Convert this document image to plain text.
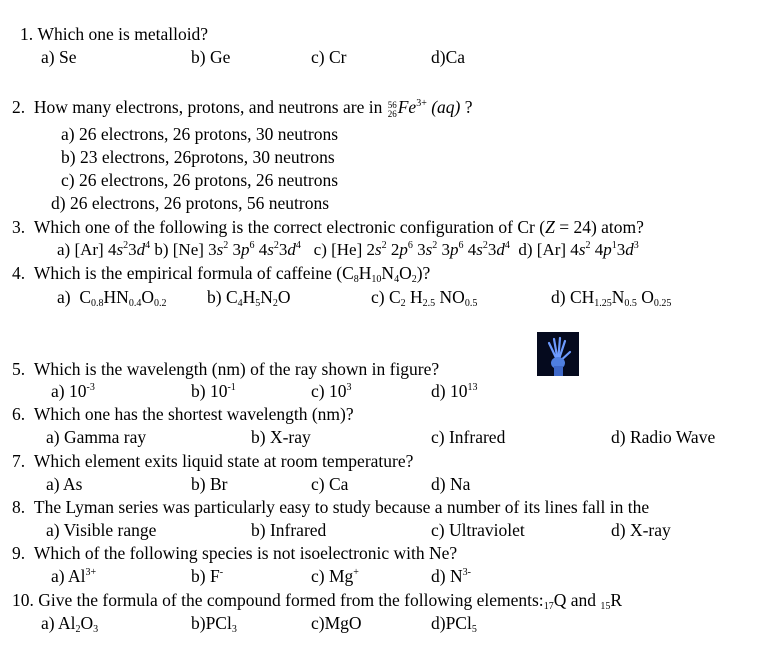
1. Which one is metalloid?
a) Se	b) Ge	c) Cr	d)Ca
2. How many electrons, protons, and neutrons are in 56
26 $Fe^{3+}$ (aq) ?
a) 26 electrons, 26 protons, 30 neutrons
b) 23 electrons, 26protons, 30 neutrons
c) 26 electrons, 26 protons, 26 neutrons
d) 26 electrons, 26 protons, 56 neutrons
3.  Which one of the following is the correct electronic configuration of Cr (Z = 24) atom?
a) [Ar] $4s^23d^4$ b) [Ne] $3s^2$ $3p^6$ $4s^23d^4$   c) [He] $2s^2$ $2p^6$ $3s^2$ $3p^6$ $4s^23d^4$  d) [Ar] $4s^2$ $4p^13d^3$
4.  Which is the empirical formula of caffeine (C8H10N4O2)?
a)  C0.8HN0.4O0.2 b) C4H5N2O	c) C2 H2.5 NO0.5	d) CH1.25N0.5 O0.25
5. Which is the wavelength (nm) of the ray shown in figure?
a) $10^{-3}$	b) $10^{-1}$	c) $10^3$	d) $10^{13}$
6. Which one has the shortest wavelength (nm)?
a) Gamma ray	b) X-ray	c) Infrared	d) Radio Wave
7. Which element exits liquid state at room temperature?
a) As	b) Br	c) Ca	d) Na
8. The Lyman series was particularly easy to study because a number of its lines fall in the
a) Visible range	b) Infrared	c) Ultraviolet	d) X-ray
9. Which of the following species is not isoelectronic with Ne?
a) $Al^{3+}$	b) F-	c) Mg+	d) $N^{3-}$
10. Give the formula of the compound formed from the following elements:17Q and 15R
a) Al2O3	b)PCl3	c)MgO	d)PCl5
